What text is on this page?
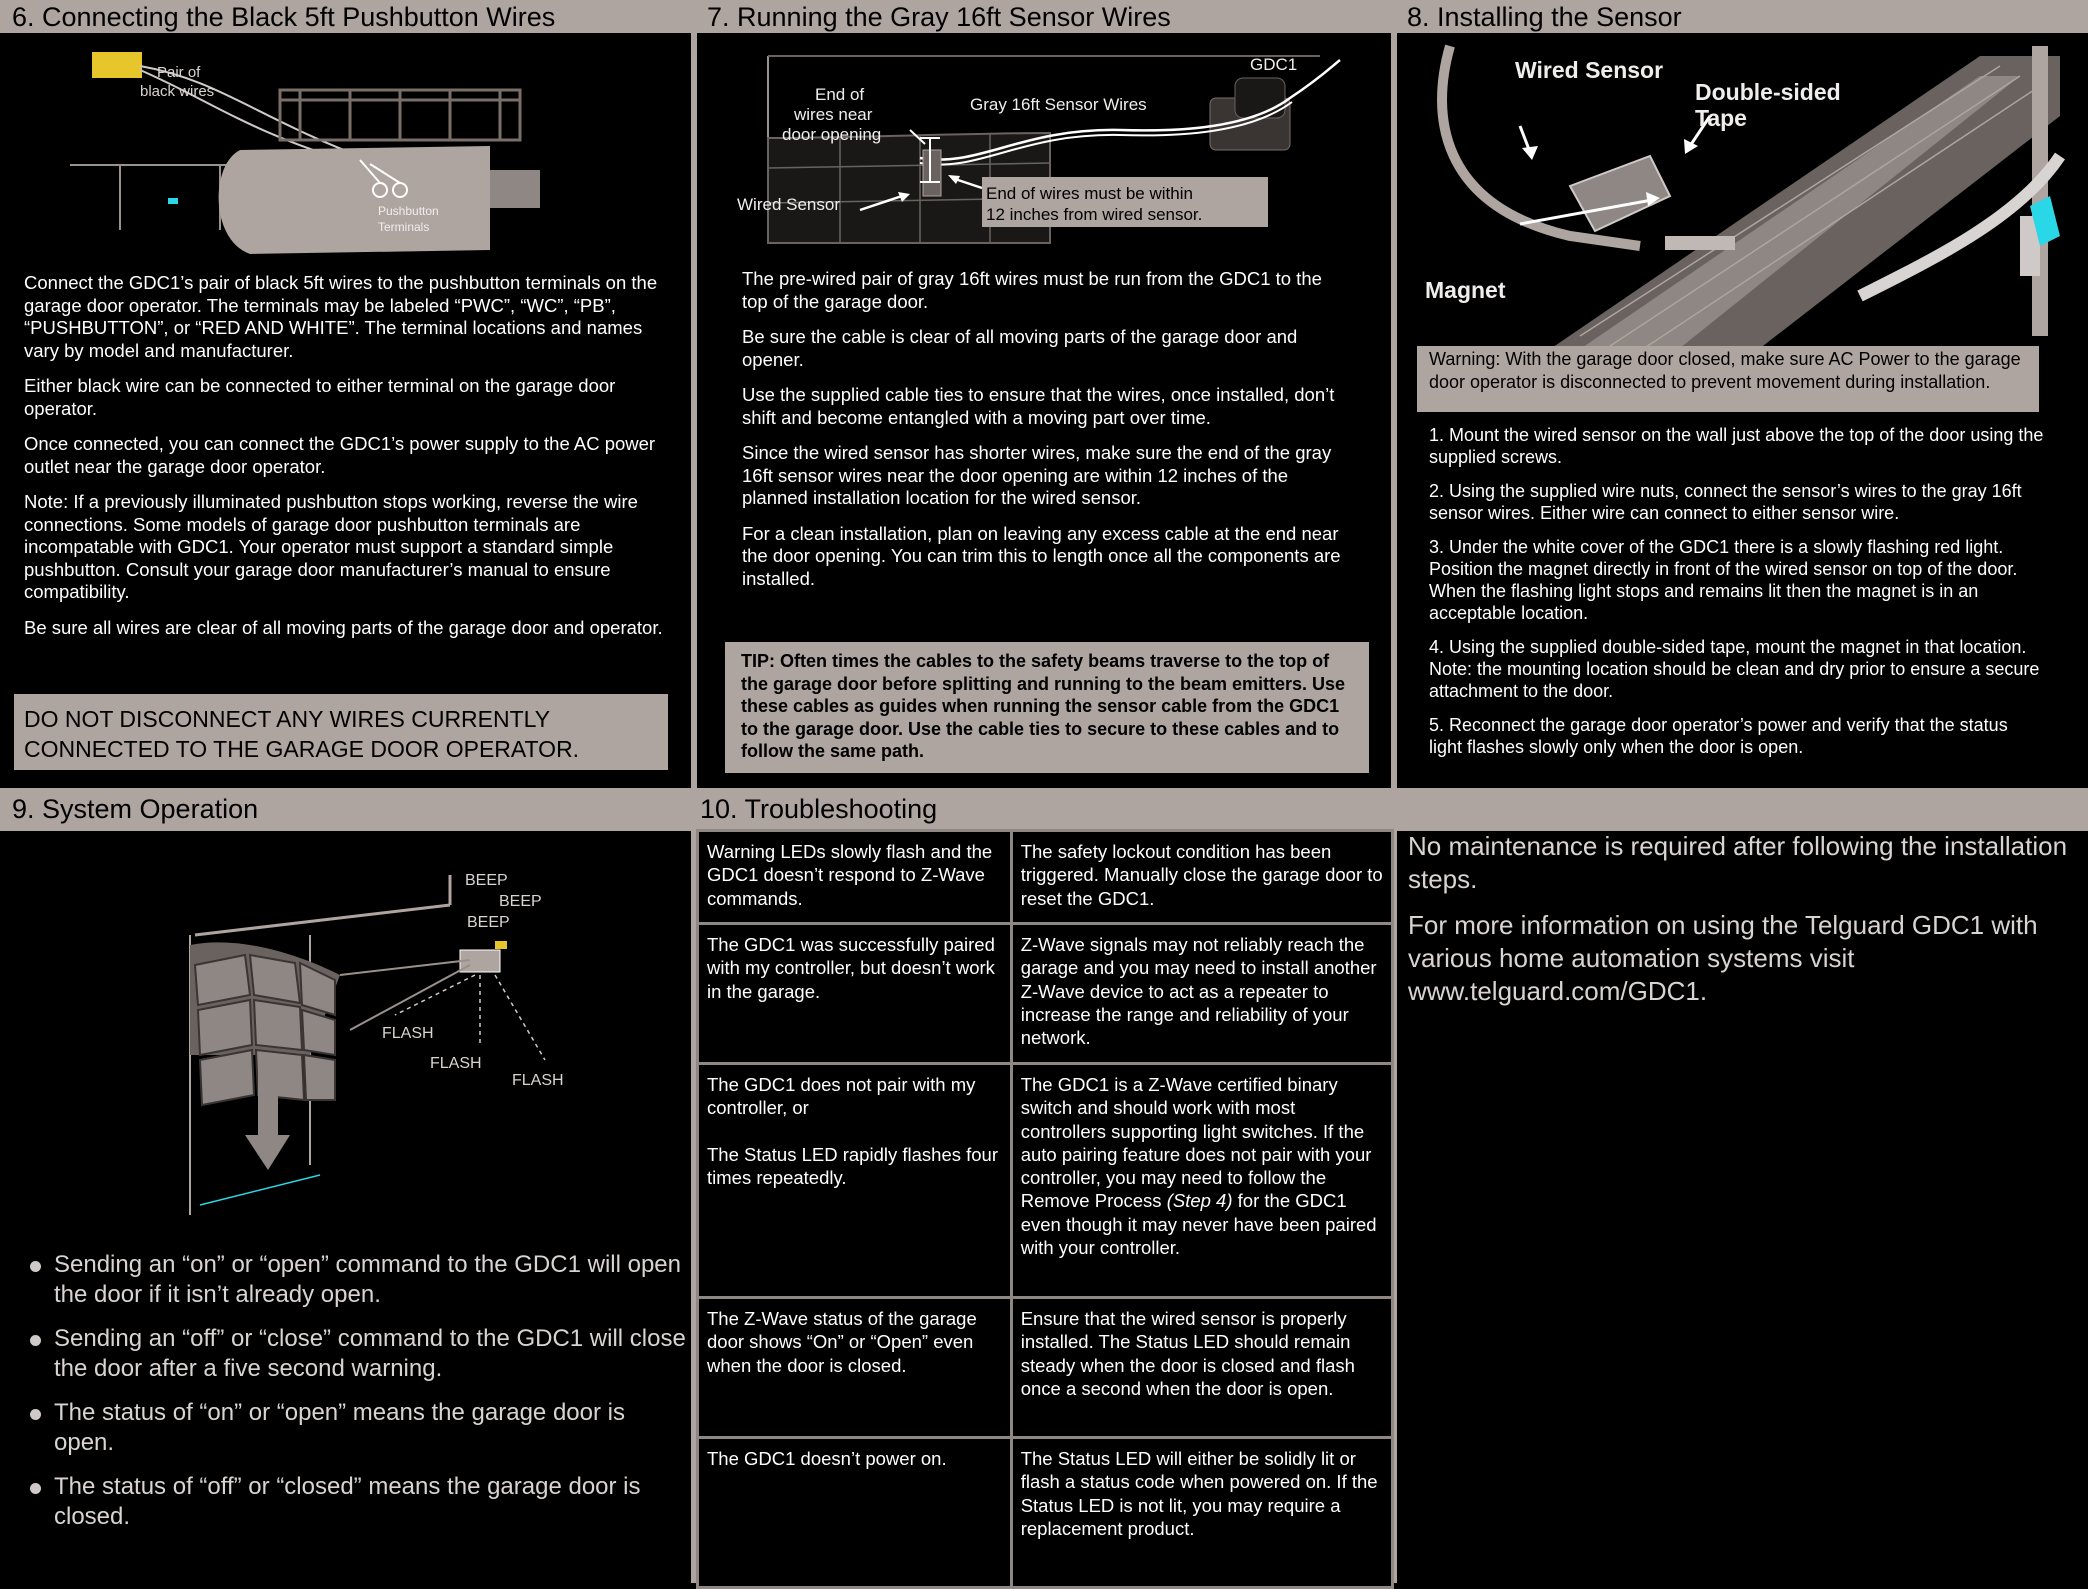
6. Connecting the Black 5ft Pushbutton Wires	7. Running the Gray 16ft Sensor Wires	8. Installing the Sensor
9. System Operation	10. Troubleshooting
Pair of
black wires
Pushbutton
Terminals

Connect the GDC1’s pair of black 5ft wires to the pushbutton terminals on the garage door operator. The terminals may be labeled “PWC”, “WC”, “PB”, “PUSHBUTTON”, or “RED AND WHITE”. The terminal locations and names vary by model and manufacturer.

Either black wire can be connected to either terminal on the garage door operator.

Once connected, you can connect the GDC1’s power supply to the AC power outlet near the garage door operator.

Note: If a previously illuminated pushbutton stops working, reverse the wire connections. Some models of garage door pushbutton terminals are incompatable with GDC1. Your operator must support a standard simple pushbutton. Consult your garage door manufacturer’s manual to ensure compatibility.

Be sure all wires are clear of all moving parts of the garage door and operator.

DO NOT DISCONNECT ANY WIRES CURRENTLY CONNECTED TO THE GARAGE DOOR OPERATOR.
End of wires must be within
12 inches from wired sensor.
GDC1
End of
wires near
door opening
Gray 16ft Sensor Wires
Wired Sensor

The pre-wired pair of gray 16ft wires must be run from the GDC1 to the top of the garage door.

Be sure the cable is clear of all moving parts of the garage door and opener.

Use the supplied cable ties to ensure that the wires, once installed, don’t shift and become entangled with a moving part over time.

Since the wired sensor has shorter wires, make sure the end of the gray 16ft sensor wires near the door opening are within 12 inches of the planned installation location for the wired sensor.

For a clean installation, plan on leaving any excess cable at the end near the door opening. You can trim this to length once all the components are installed.

TIP: Often times the cables to the safety beams traverse to the top of the garage door before splitting and running to the beam emitters. Use these cables as guides when running the sensor cable from the GDC1 to the garage door. Use the cable ties to secure to these cables and to follow the same path.
Wired Sensor
Double-sided
Tape
Magnet
Warning: With the garage door closed, make sure AC Power to the garage door operator is disconnected to prevent movement during installation.

1. Mount the wired sensor on the wall just above the top of the door using the supplied screws.

2. Using the supplied wire nuts, connect the sensor’s wires to the gray 16ft sensor wires. Either wire can connect to either sensor wire.

3. Under the white cover of the GDC1 there is a slowly flashing red light. Position the magnet directly in front of the wired sensor on top of the door. When the flashing light stops and remains lit then the magnet is in an acceptable location.

4. Using the supplied double-sided tape, mount the magnet in that location. Note: the mounting location should be clean and dry prior to ensure a secure attachment to the door.

5. Reconnect the garage door operator’s power and verify that the status light flashes slowly only when the door is open.

BEEP
BEEP
BEEP
FLASH
FLASH
FLASH
Sending an “on” or “open” command to the GDC1 will open the door if it isn’t already open.
Sending an “off” or “close” command to the GDC1 will close the door after a five second warning.
The status of “on” or “open” means the garage door is open.
The status of “off” or “closed” means the garage door is closed.
Warning LEDs slowly flash and the GDC1 doesn’t respond to Z-Wave commands.	The safety lockout condition has been triggered. Manually close the garage door to reset the GDC1.
The GDC1 was successfully paired with my controller, but doesn’t work in the garage.	Z-Wave signals may not reliably reach the garage and you may need to install another Z-Wave device to act as a repeater to increase the range and reliability of your network.

The GDC1 does not pair with my controller, or
The Status LED rapidly flashes four times repeatedly.	The GDC1 is a Z-Wave certified binary switch and should work with most controllers supporting light switches. If the auto pairing feature does not pair with your controller, you may need to follow the Remove Process (Step 4) for the GDC1 even though it may never have been paired with your controller.
The Z-Wave status of the garage door shows “On” or “Open” even when the door is closed.	Ensure that the wired sensor is properly installed. The Status LED should remain steady when the door is closed and flash once a second when the door is open.
The GDC1 doesn’t power on.	The Status LED will either be solidly lit or flash a status code when powered on. If the Status LED is not lit, you may require a replacement product.

No maintenance is required after following the installation steps.

For more information on using the Telguard GDC1 with various home automation systems visit www.telguard.com/GDC1.
